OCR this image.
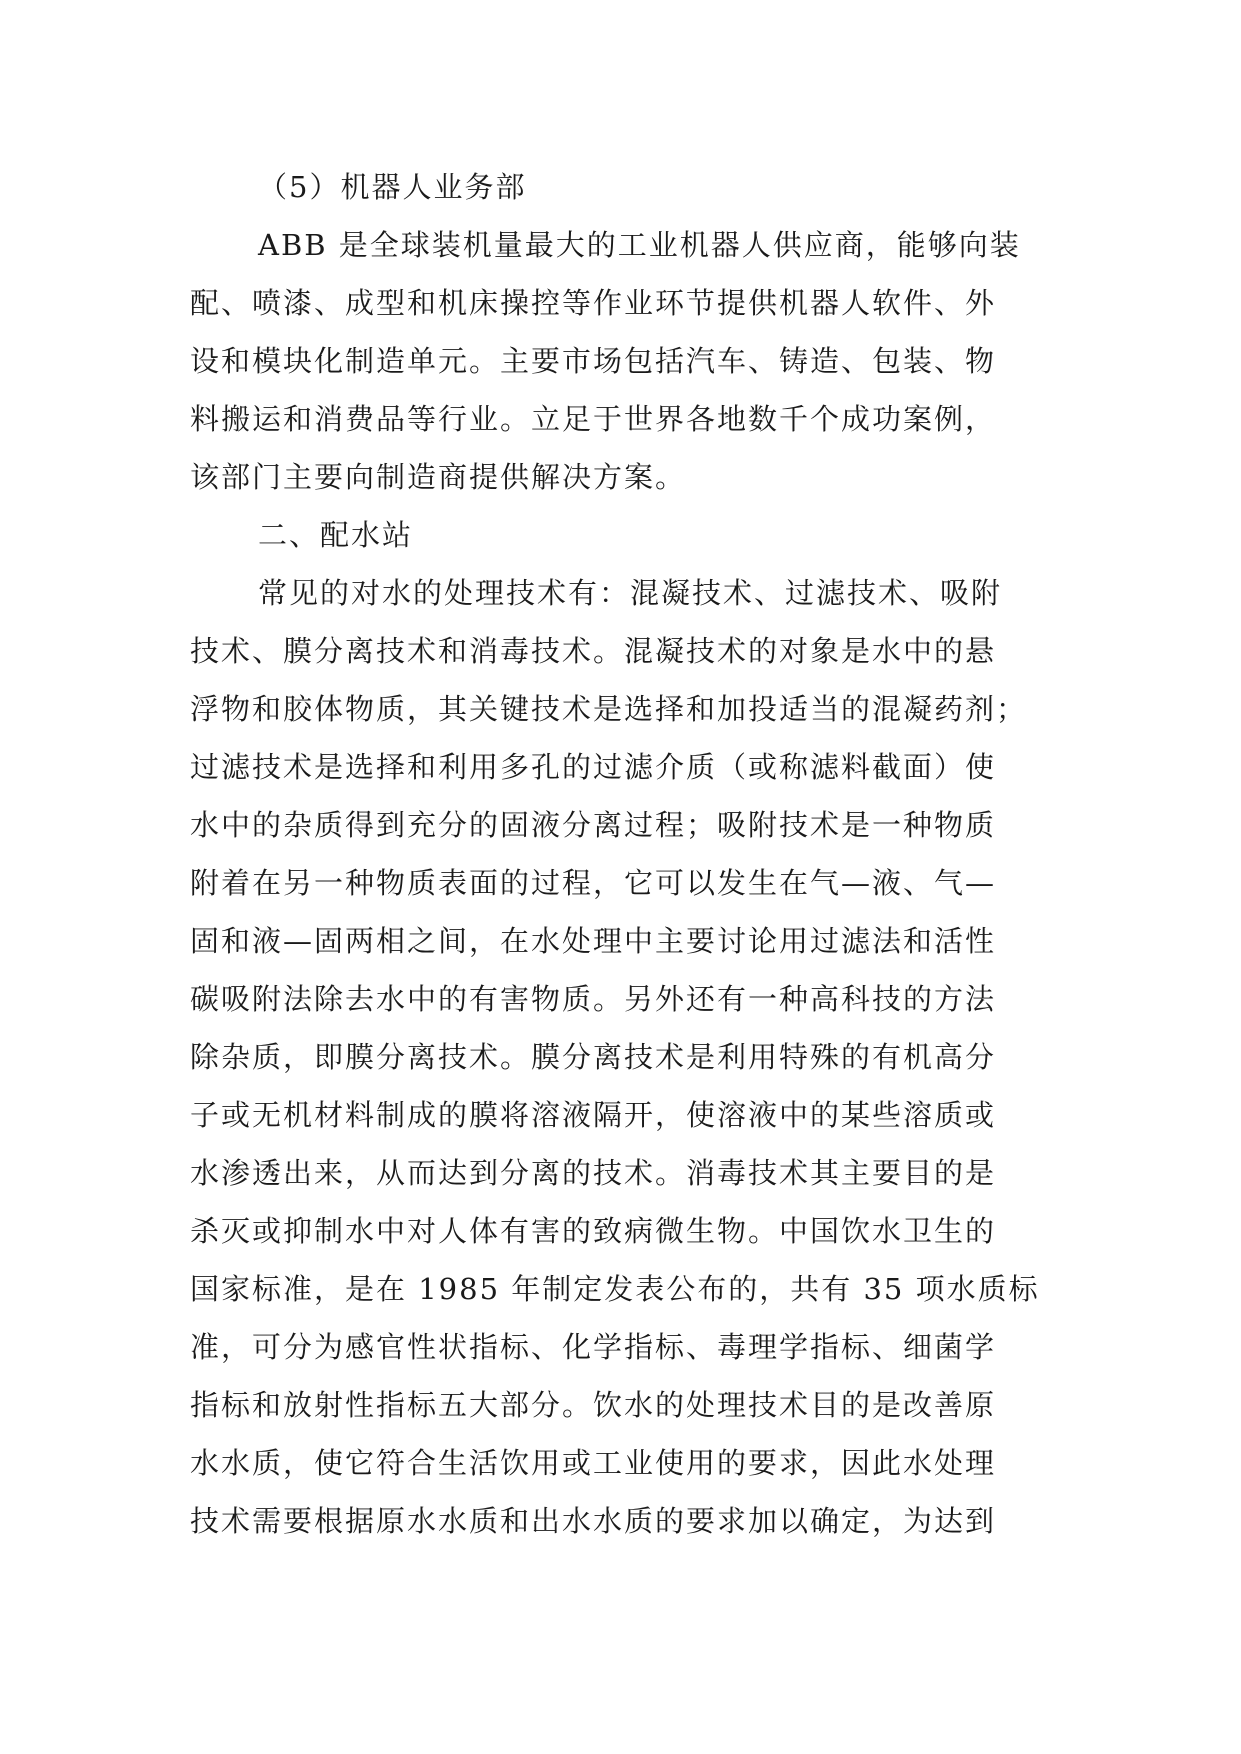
（5）机器人业务部
ABB 是全球装机量最大的工业机器人供应商，能够向装
配、喷漆、成型和机床操控等作业环节提供机器人软件、外
设和模块化制造单元。主要市场包括汽车、铸造、包装、物
料搬运和消费品等行业。立足于世界各地数千个成功案例，
该部门主要向制造商提供解决方案。
二、配水站
常见的对水的处理技术有：混凝技术、过滤技术、吸附
技术、膜分离技术和消毒技术。混凝技术的对象是水中的悬
浮物和胶体物质，其关键技术是选择和加投适当的混凝药剂；
过滤技术是选择和利用多孔的过滤介质（或称滤料截面）使
水中的杂质得到充分的固液分离过程；吸附技术是一种物质
附着在另一种物质表面的过程，它可以发生在气—液、气—
固和液—固两相之间，在水处理中主要讨论用过滤法和活性
碳吸附法除去水中的有害物质。另外还有一种高科技的方法
除杂质，即膜分离技术。膜分离技术是利用特殊的有机高分
子或无机材料制成的膜将溶液隔开，使溶液中的某些溶质或
水渗透出来，从而达到分离的技术。消毒技术其主要目的是
杀灭或抑制水中对人体有害的致病微生物。中国饮水卫生的
国家标准，是在 1985 年制定发表公布的，共有 35 项水质标
准，可分为感官性状指标、化学指标、毒理学指标、细菌学
指标和放射性指标五大部分。饮水的处理技术目的是改善原
水水质，使它符合生活饮用或工业使用的要求，因此水处理
技术需要根据原水水质和出水水质的要求加以确定，为达到
